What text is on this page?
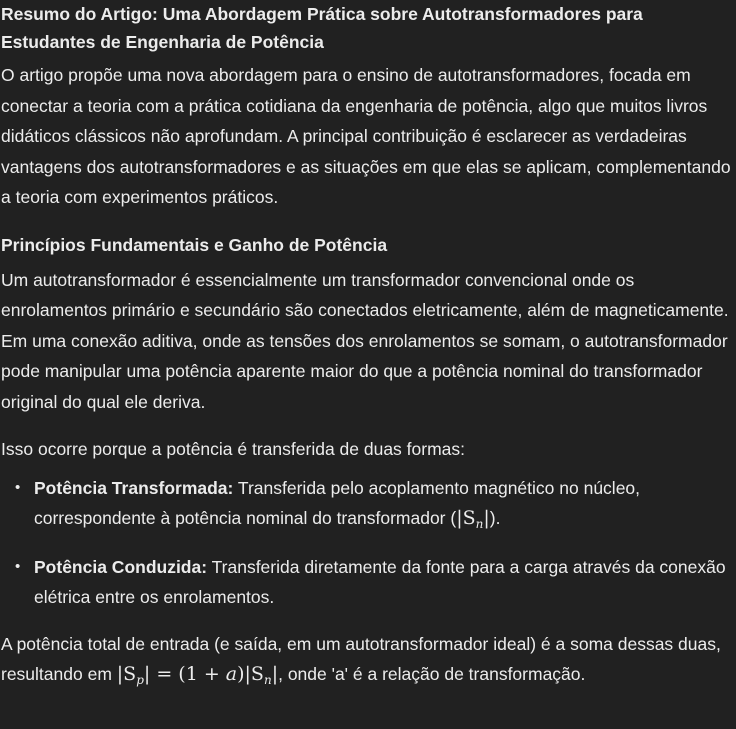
Resumo do Artigo: Uma Abordagem Prática sobre Autotransformadores para
Estudantes de Engenharia de Potência

O artigo propõe uma nova abordagem para o ensino de autotransformadores, focada em conectar a teoria com a prática cotidiana da engenharia de potência, algo que muitos livros didáticos clássicos não aprofundam. A principal contribuição é esclarecer as verdadeiras vantagens dos autotransformadores e as situações em que elas se aplicam, complementando a teoria com experimentos práticos.

Princípios Fundamentais e Ganho de Potência

Um autotransformador é essencialmente um transformador convencional onde os enrolamentos primário e secundário são conectados eletricamente, além de magneticamente. Em uma conexão aditiva, onde as tensões dos enrolamentos se somam, o autotransformador pode manipular uma potência aparente maior do que a potência nominal do transformador original do qual ele deriva.

Isso ocorre porque a potência é transferida de duas formas:

• Potência Transformada: Transferida pelo acoplamento magnético no núcleo, correspondente à potência nominal do transformador $(|S_n|)$.
• Potência Conduzida: Transferida diretamente da fonte para a carga através da conexão elétrica entre os enrolamentos.

A potência total de entrada (e saída, em um autotransformador ideal) é a soma dessas duas, resultando em $|S_p| = (1 + a)|S_n|$, onde 'a' é a relação de transformação.
